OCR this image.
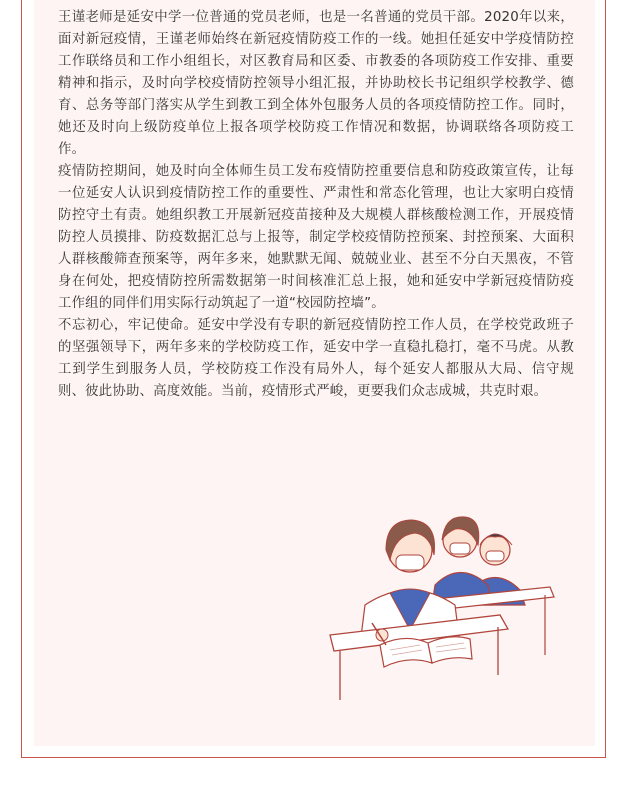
王谨老师是延安中学一位普通的党员老师，也是一名普通的党员干部。2020年以来，面对新冠疫情，王谨老师始终在新冠疫情防疫工作的一线。她担任延安中学疫情防控工作联络员和工作小组组长，对区教育局和区委、市教委的各项防疫工作安排、重要精神和指示，及时向学校疫情防控领导小组汇报，并协助校长书记组织学校教学、德育、总务等部门落实从学生到教工到全体外包服务人员的各项疫情防控工作。同时，她还及时向上级防疫单位上报各项学校防疫工作情况和数据，协调联络各项防疫工作。

疫情防控期间，她及时向全体师生员工发布疫情防控重要信息和防疫政策宣传，让每一位延安人认识到疫情防控工作的重要性、严肃性和常态化管理，也让大家明白疫情防控守土有责。她组织教工开展新冠疫苗接种及大规模人群核酸检测工作，开展疫情防控人员摸排、防疫数据汇总与上报等，制定学校疫情防控预案、封控预案、大面积人群核酸筛查预案等，两年多来，她默默无闻、兢兢业业、甚至不分白天黑夜，不管身在何处，把疫情防控所需数据第一时间核准汇总上报，她和延安中学新冠疫情防疫工作组的同伴们用实际行动筑起了一道“校园防控墙”。

不忘初心，牢记使命。延安中学没有专职的新冠疫情防控工作人员，在学校党政班子的坚强领导下，两年多来的学校防疫工作，延安中学一直稳扎稳打，毫不马虎。从教工到学生到服务人员，学校防疫工作没有局外人，每个延安人都服从大局、信守规则、彼此协助、高度效能。当前，疫情形式严峻，更要我们众志成城，共克时艰。
